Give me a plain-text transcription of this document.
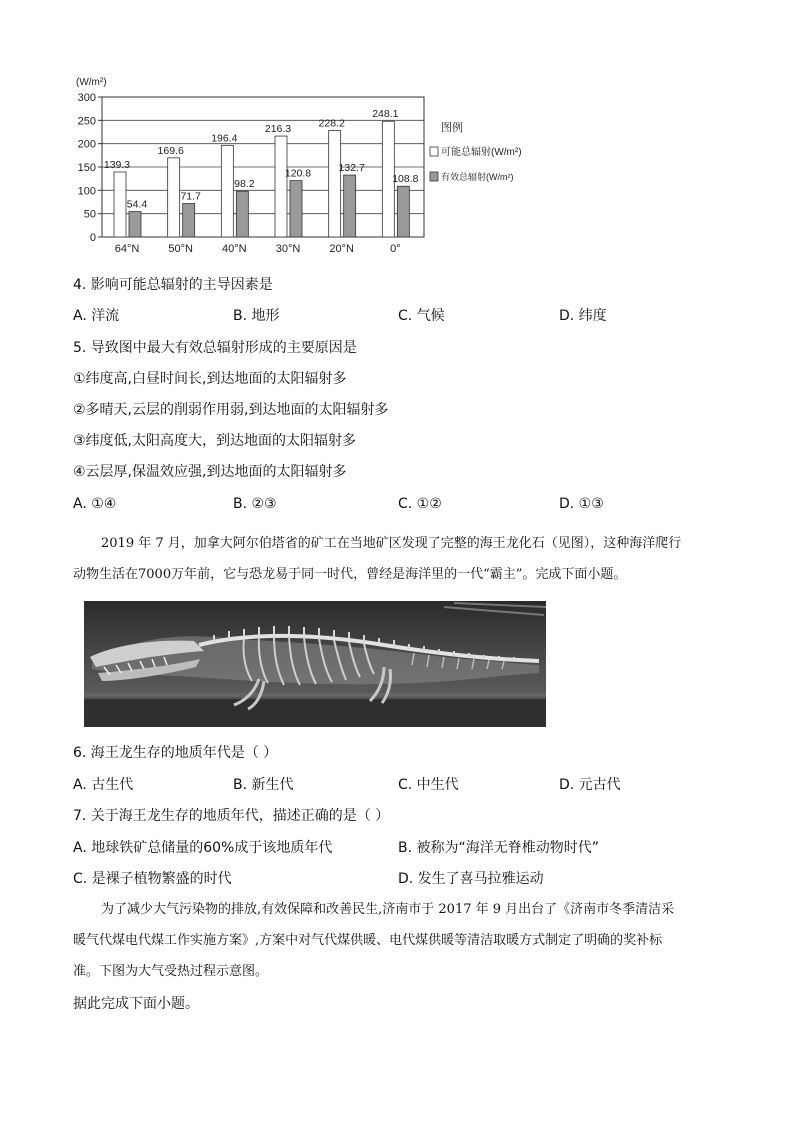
(W/m²)
0
50
100
150
200
250
300
139.3
54.4
169.6
71.7
196.4
98.2
216.3
120.8
228.2
132.7
248.1
108.8
64°N	50°N	40°N	30°N	20°N	0°
图例
可能总辐射(W/m²)
有效总辐射(W/m²)
4. 影响可能总辐射的主导因素是
A. 洋流	B. 地形	C. 气候	D. 纬度
5. 导致图中最大有效总辐射形成的主要原因是
①纬度高,白昼时间长,到达地面的太阳辐射多
②多晴天,云层的削弱作用弱,到达地面的太阳辐射多
③纬度低,太阳高度大，到达地面的太阳辐射多
④云层厚,保温效应强,到达地面的太阳辐射多
A. ①④	B. ②③	C. ①②	D. ①③
2019 年 7 月，加拿大阿尔伯塔省的矿工在当地矿区发现了完整的海王龙化石（见图），这种海洋爬行
动物生活在7000万年前，它与恐龙易于同一时代，曾经是海洋里的一代“霸主”。完成下面小题。
6. 海王龙生存的地质年代是（ ）
A. 古生代	B. 新生代	C. 中生代	D. 元古代
7. 关于海王龙生存的地质年代，描述正确的是（ ）
A. 地球铁矿总储量的60%成于该地质年代	B. 被称为“海洋无脊椎动物时代”
C. 是裸子植物繁盛的时代	D. 发生了喜马拉雅运动
为了减少大气污染物的排放,有效保障和改善民生,济南市于 2017 年 9 月出台了《济南市冬季清洁采
暖气代煤电代煤工作实施方案》,方案中对气代煤供暖、电代煤供暖等清洁取暖方式制定了明确的奖补标
准。下图为大气受热过程示意图。
据此完成下面小题。
